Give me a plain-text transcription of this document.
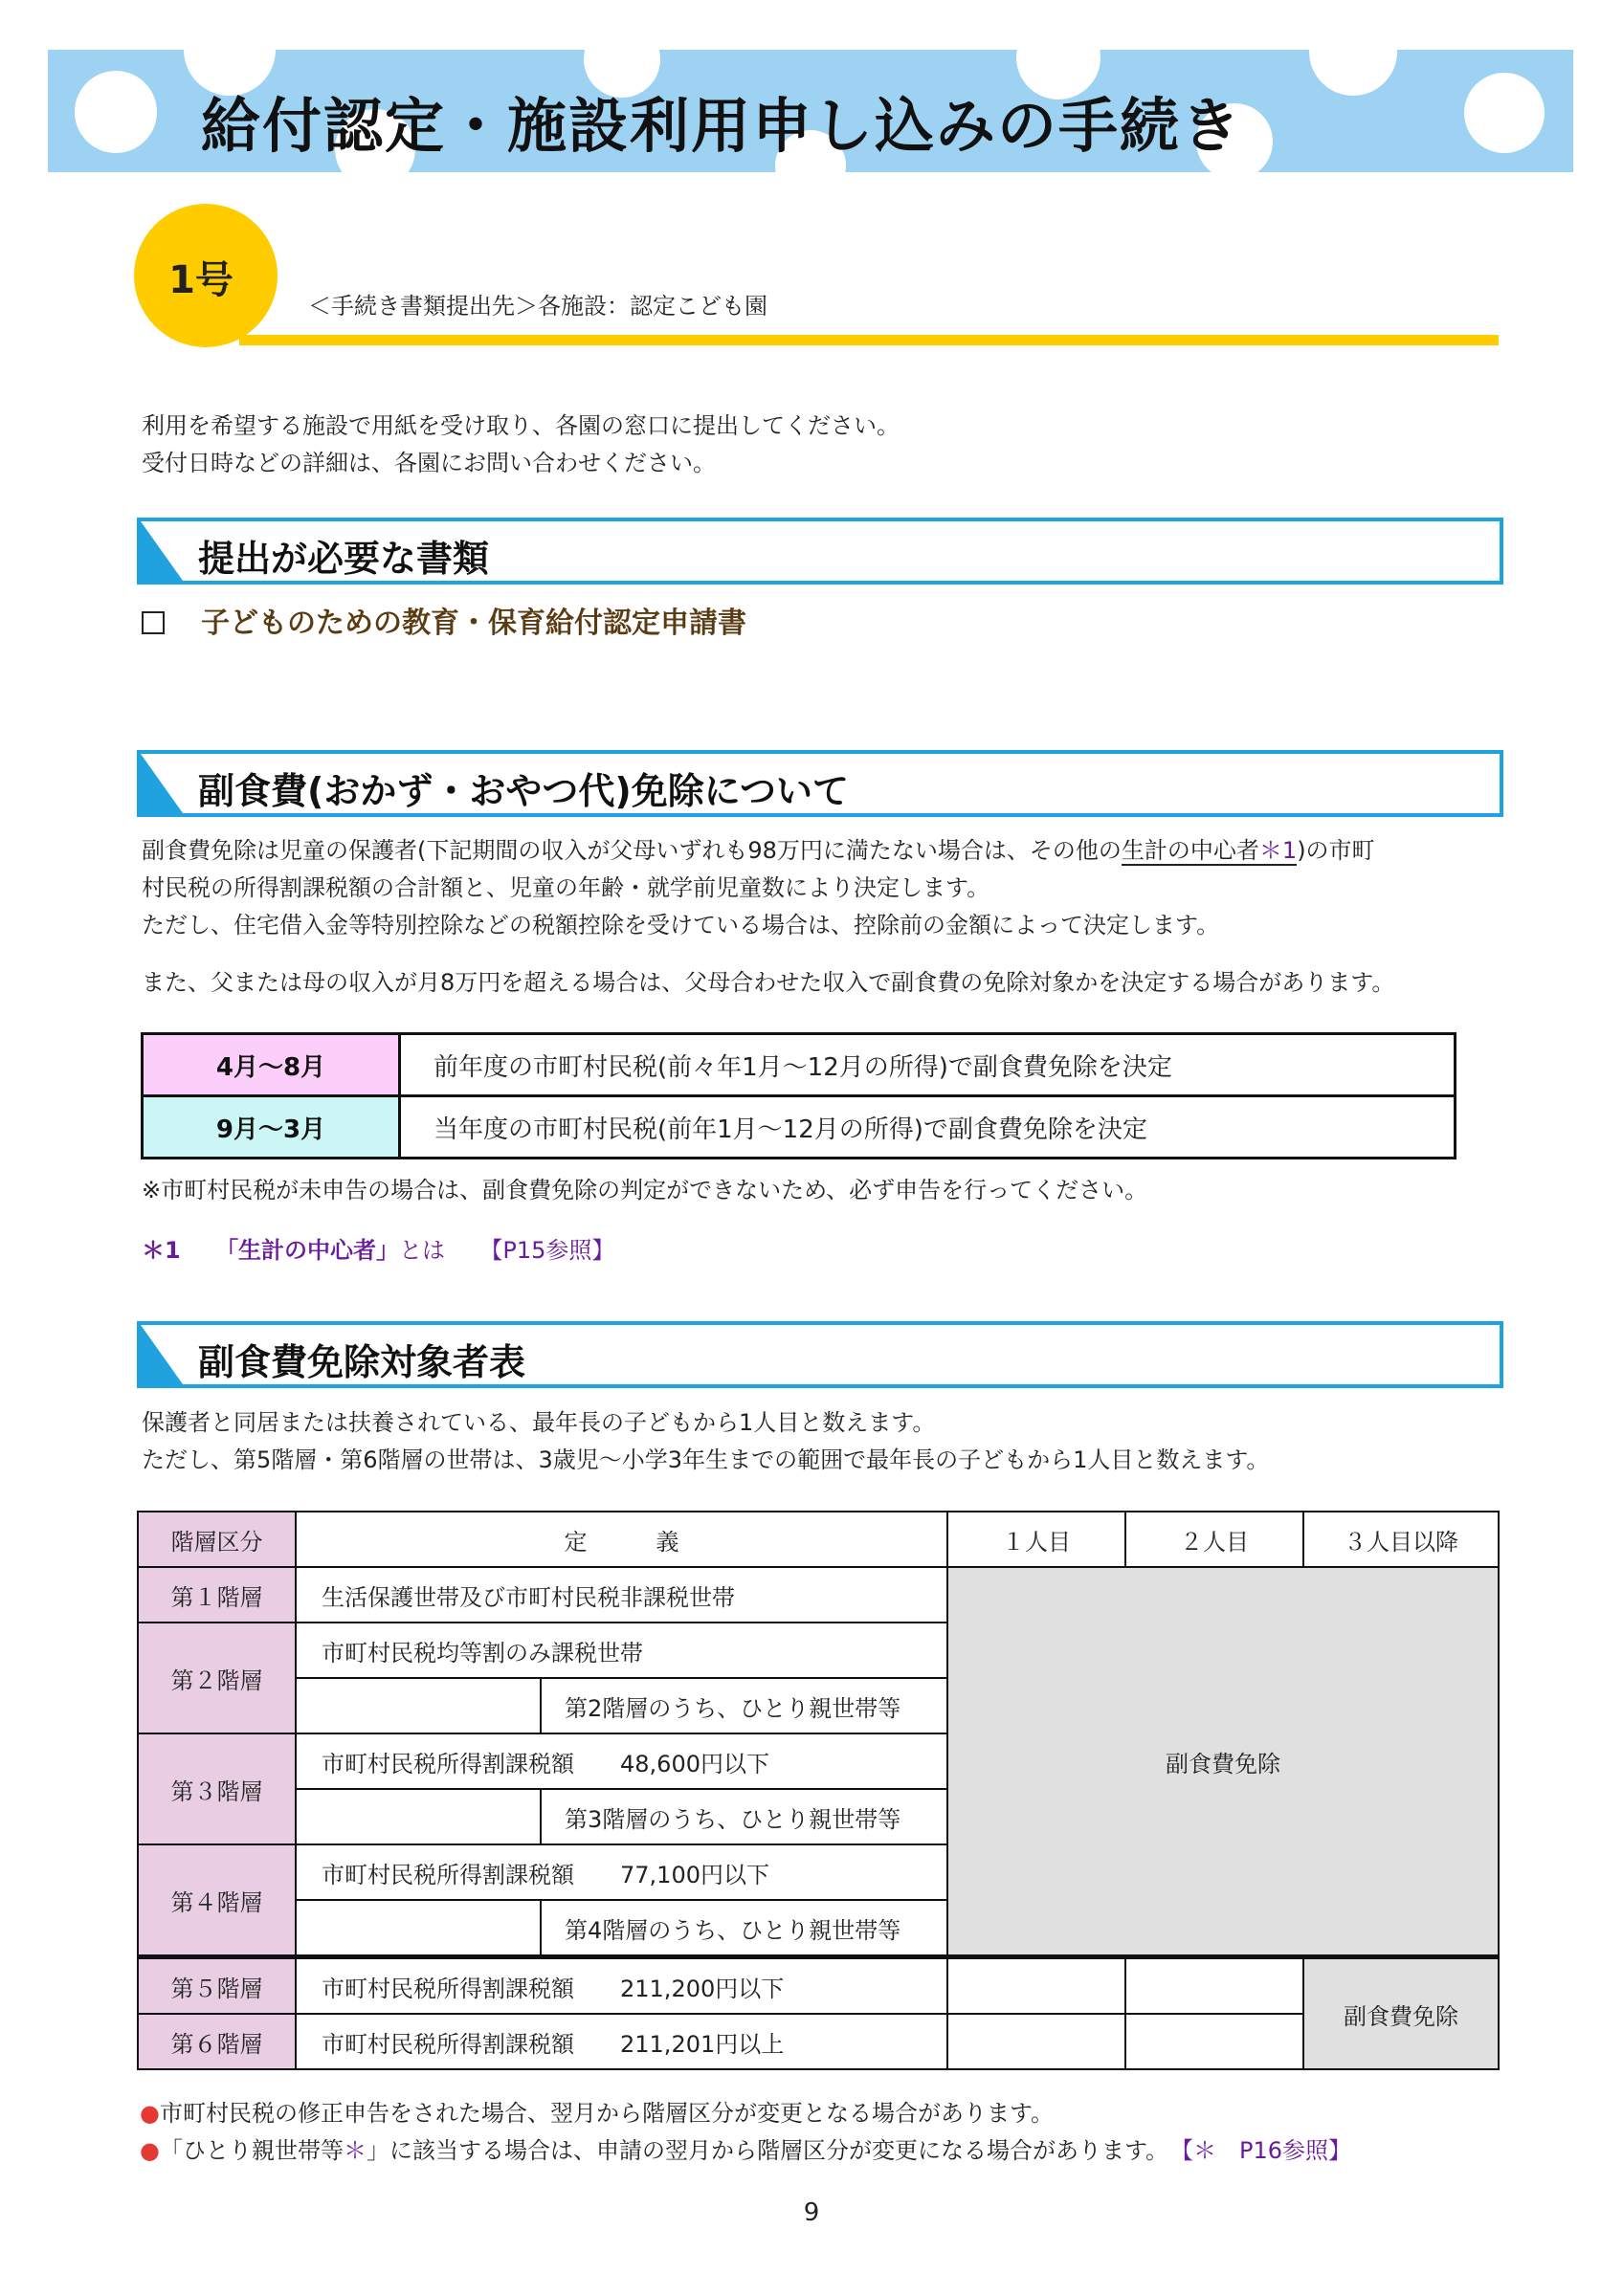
給付認定・施設利用申し込みの手続き
1号
＜手続き書類提出先＞各施設：認定こども園
利用を希望する施設で用紙を受け取り、各園の窓口に提出してください。
受付日時などの詳細は、各園にお問い合わせください。
提出が必要な書類
子どものための教育・保育給付認定申請書
副食費(おかず・おやつ代)免除について
副食費免除は児童の保護者(下記期間の収入が父母いずれも98万円に満たない場合は、その他の生計の中心者＊1)の市町
村民税の所得割課税額の合計額と、児童の年齢・就学前児童数により決定します。
ただし、住宅借入金等特別控除などの税額控除を受けている場合は、控除前の金額によって決定します。
また、父または母の収入が月8万円を超える場合は、父母合わせた収入で副食費の免除対象かを決定する場合があります。
4月～8月	前年度の市町村民税(前々年1月～12月の所得)で副食費免除を決定
9月～3月	当年度の市町村民税(前年1月～12月の所得)で副食費免除を決定
※市町村民税が未申告の場合は、副食費免除の判定ができないため、必ず申告を行ってください。
＊1 「生計の中心者」とは 【P15参照】
副食費免除対象者表
保護者と同居または扶養されている、最年長の子どもから1人目と数えます。
ただし、第5階層・第6階層の世帯は、3歳児～小学3年生までの範囲で最年長の子どもから1人目と数えます。
階層区分	定　　　義		１人目	２人目	３人目以降
第１階層	生活保護世帯及び市町村民税非課税世帯		副食費免除		
第２階層	市町村民税均等割のみ課税世帯				
		第2階層のうち、ひとり親世帯等			
第３階層	市町村民税所得割課税額 48,600円以下				
		第3階層のうち、ひとり親世帯等			
第４階層	市町村民税所得割課税額 77,100円以下				
		第4階層のうち、ひとり親世帯等			
第５階層	市町村民税所得割課税額 211,200円以下				副食費免除
第６階層	市町村民税所得割課税額 211,201円以上				
●市町村民税の修正申告をされた場合、翌月から階層区分が変更となる場合があります。
●「ひとり親世帯等＊」に該当する場合は、申請の翌月から階層区分が変更になる場合があります。 【＊　P16参照】
9
